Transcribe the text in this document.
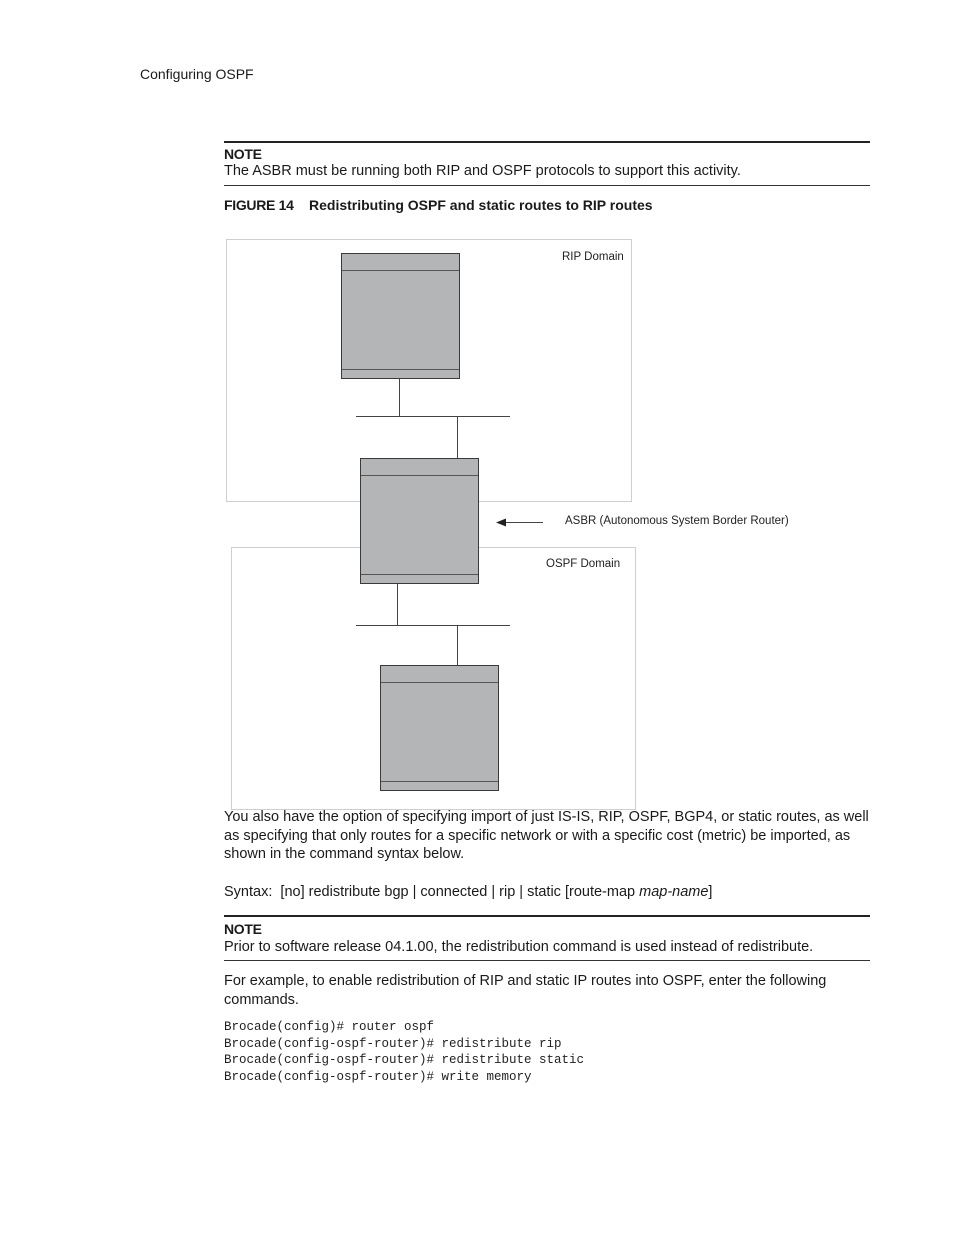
Configuring OSPF
NOTE
The ASBR must be running both RIP and OSPF protocols to support this activity.
FIGURE 14 Redistributing OSPF and static routes to RIP routes
RIP Domain
OSPF Domain
ASBR (Autonomous System Border Router)
You also have the option of specifying import of just IS-IS, RIP, OSPF, BGP4, or static routes, as well as specifying that only routes for a specific network or with a specific cost (metric) be imported, as shown in the command syntax below.
Syntax: [no] redistribute bgp | connected | rip | static [route-map map-name]
NOTE
Prior to software release 04.1.00, the redistribution command is used instead of redistribute.
For example, to enable redistribution of RIP and static IP routes into OSPF, enter the following commands.
Brocade(config)# router ospf
Brocade(config-ospf-router)# redistribute rip
Brocade(config-ospf-router)# redistribute static
Brocade(config-ospf-router)# write memory
